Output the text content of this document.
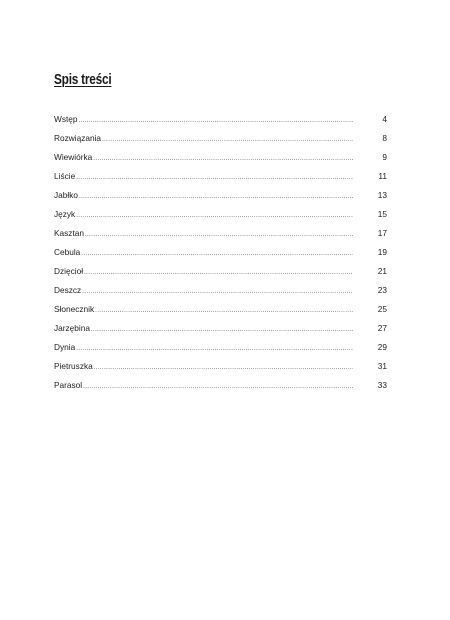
Spis treści
Wstęp .....	4
Rozwiązania .....	8
Wiewiórka .....	9
Liście .....	11
Jabłko .....	13
Język .....	15
Kasztan .....	17
Cebula .....	19
Dzięcioł .....	21
Deszcz .....	23
Słonecznik .....	25
Jarzębina .....	27
Dynia .....	29
Pietruszka .....	31
Parasol .....	33
